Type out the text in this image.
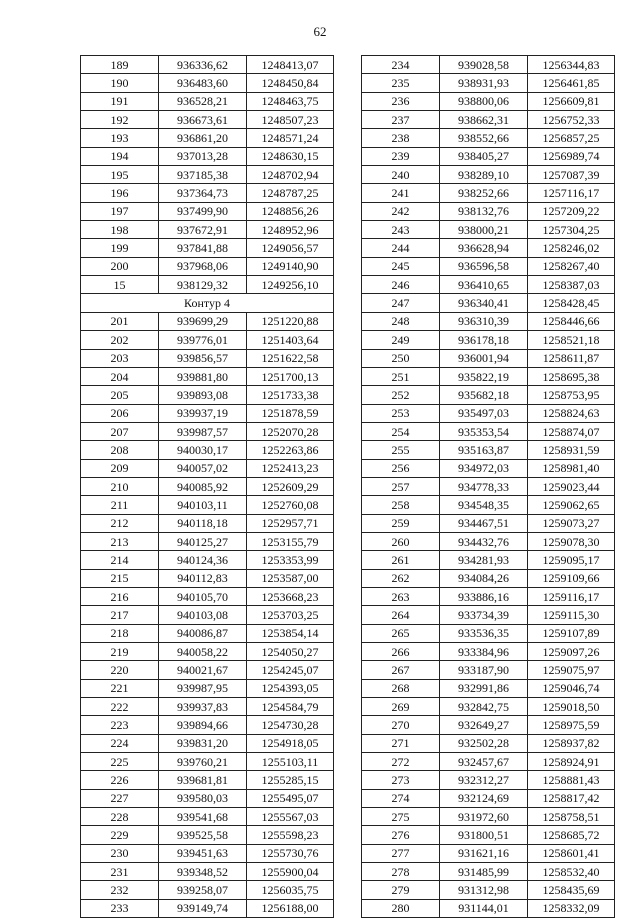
62
189	936336,62	1248413,07
190	936483,60	1248450,84
191	936528,21	1248463,75
192	936673,61	1248507,23
193	936861,20	1248571,24
194	937013,28	1248630,15
195	937185,38	1248702,94
196	937364,73	1248787,25
197	937499,90	1248856,26
198	937672,91	1248952,96
199	937841,88	1249056,57
200	937968,06	1249140,90
15	938129,32	1249256,10
Контур 4		
201	939699,29	1251220,88
202	939776,01	1251403,64
203	939856,57	1251622,58
204	939881,80	1251700,13
205	939893,08	1251733,38
206	939937,19	1251878,59
207	939987,57	1252070,28
208	940030,17	1252263,86
209	940057,02	1252413,23
210	940085,92	1252609,29
211	940103,11	1252760,08
212	940118,18	1252957,71
213	940125,27	1253155,79
214	940124,36	1253353,99
215	940112,83	1253587,00
216	940105,70	1253668,23
217	940103,08	1253703,25
218	940086,87	1253854,14
219	940058,22	1254050,27
220	940021,67	1254245,07
221	939987,95	1254393,05
222	939937,83	1254584,79
223	939894,66	1254730,28
224	939831,20	1254918,05
225	939760,21	1255103,11
226	939681,81	1255285,15
227	939580,03	1255495,07
228	939541,68	1255567,03
229	939525,58	1255598,23
230	939451,63	1255730,76
231	939348,52	1255900,04
232	939258,07	1256035,75
233	939149,74	1256188,00
234	939028,58	1256344,83
235	938931,93	1256461,85
236	938800,06	1256609,81
237	938662,31	1256752,33
238	938552,66	1256857,25
239	938405,27	1256989,74
240	938289,10	1257087,39
241	938252,66	1257116,17
242	938132,76	1257209,22
243	938000,21	1257304,25
244	936628,94	1258246,02
245	936596,58	1258267,40
246	936410,65	1258387,03
247	936340,41	1258428,45
248	936310,39	1258446,66
249	936178,18	1258521,18
250	936001,94	1258611,87
251	935822,19	1258695,38
252	935682,18	1258753,95
253	935497,03	1258824,63
254	935353,54	1258874,07
255	935163,87	1258931,59
256	934972,03	1258981,40
257	934778,33	1259023,44
258	934548,35	1259062,65
259	934467,51	1259073,27
260	934432,76	1259078,30
261	934281,93	1259095,17
262	934084,26	1259109,66
263	933886,16	1259116,17
264	933734,39	1259115,30
265	933536,35	1259107,89
266	933384,96	1259097,26
267	933187,90	1259075,97
268	932991,86	1259046,74
269	932842,75	1259018,50
270	932649,27	1258975,59
271	932502,28	1258937,82
272	932457,67	1258924,91
273	932312,27	1258881,43
274	932124,69	1258817,42
275	931972,60	1258758,51
276	931800,51	1258685,72
277	931621,16	1258601,41
278	931485,99	1258532,40
279	931312,98	1258435,69
280	931144,01	1258332,09
